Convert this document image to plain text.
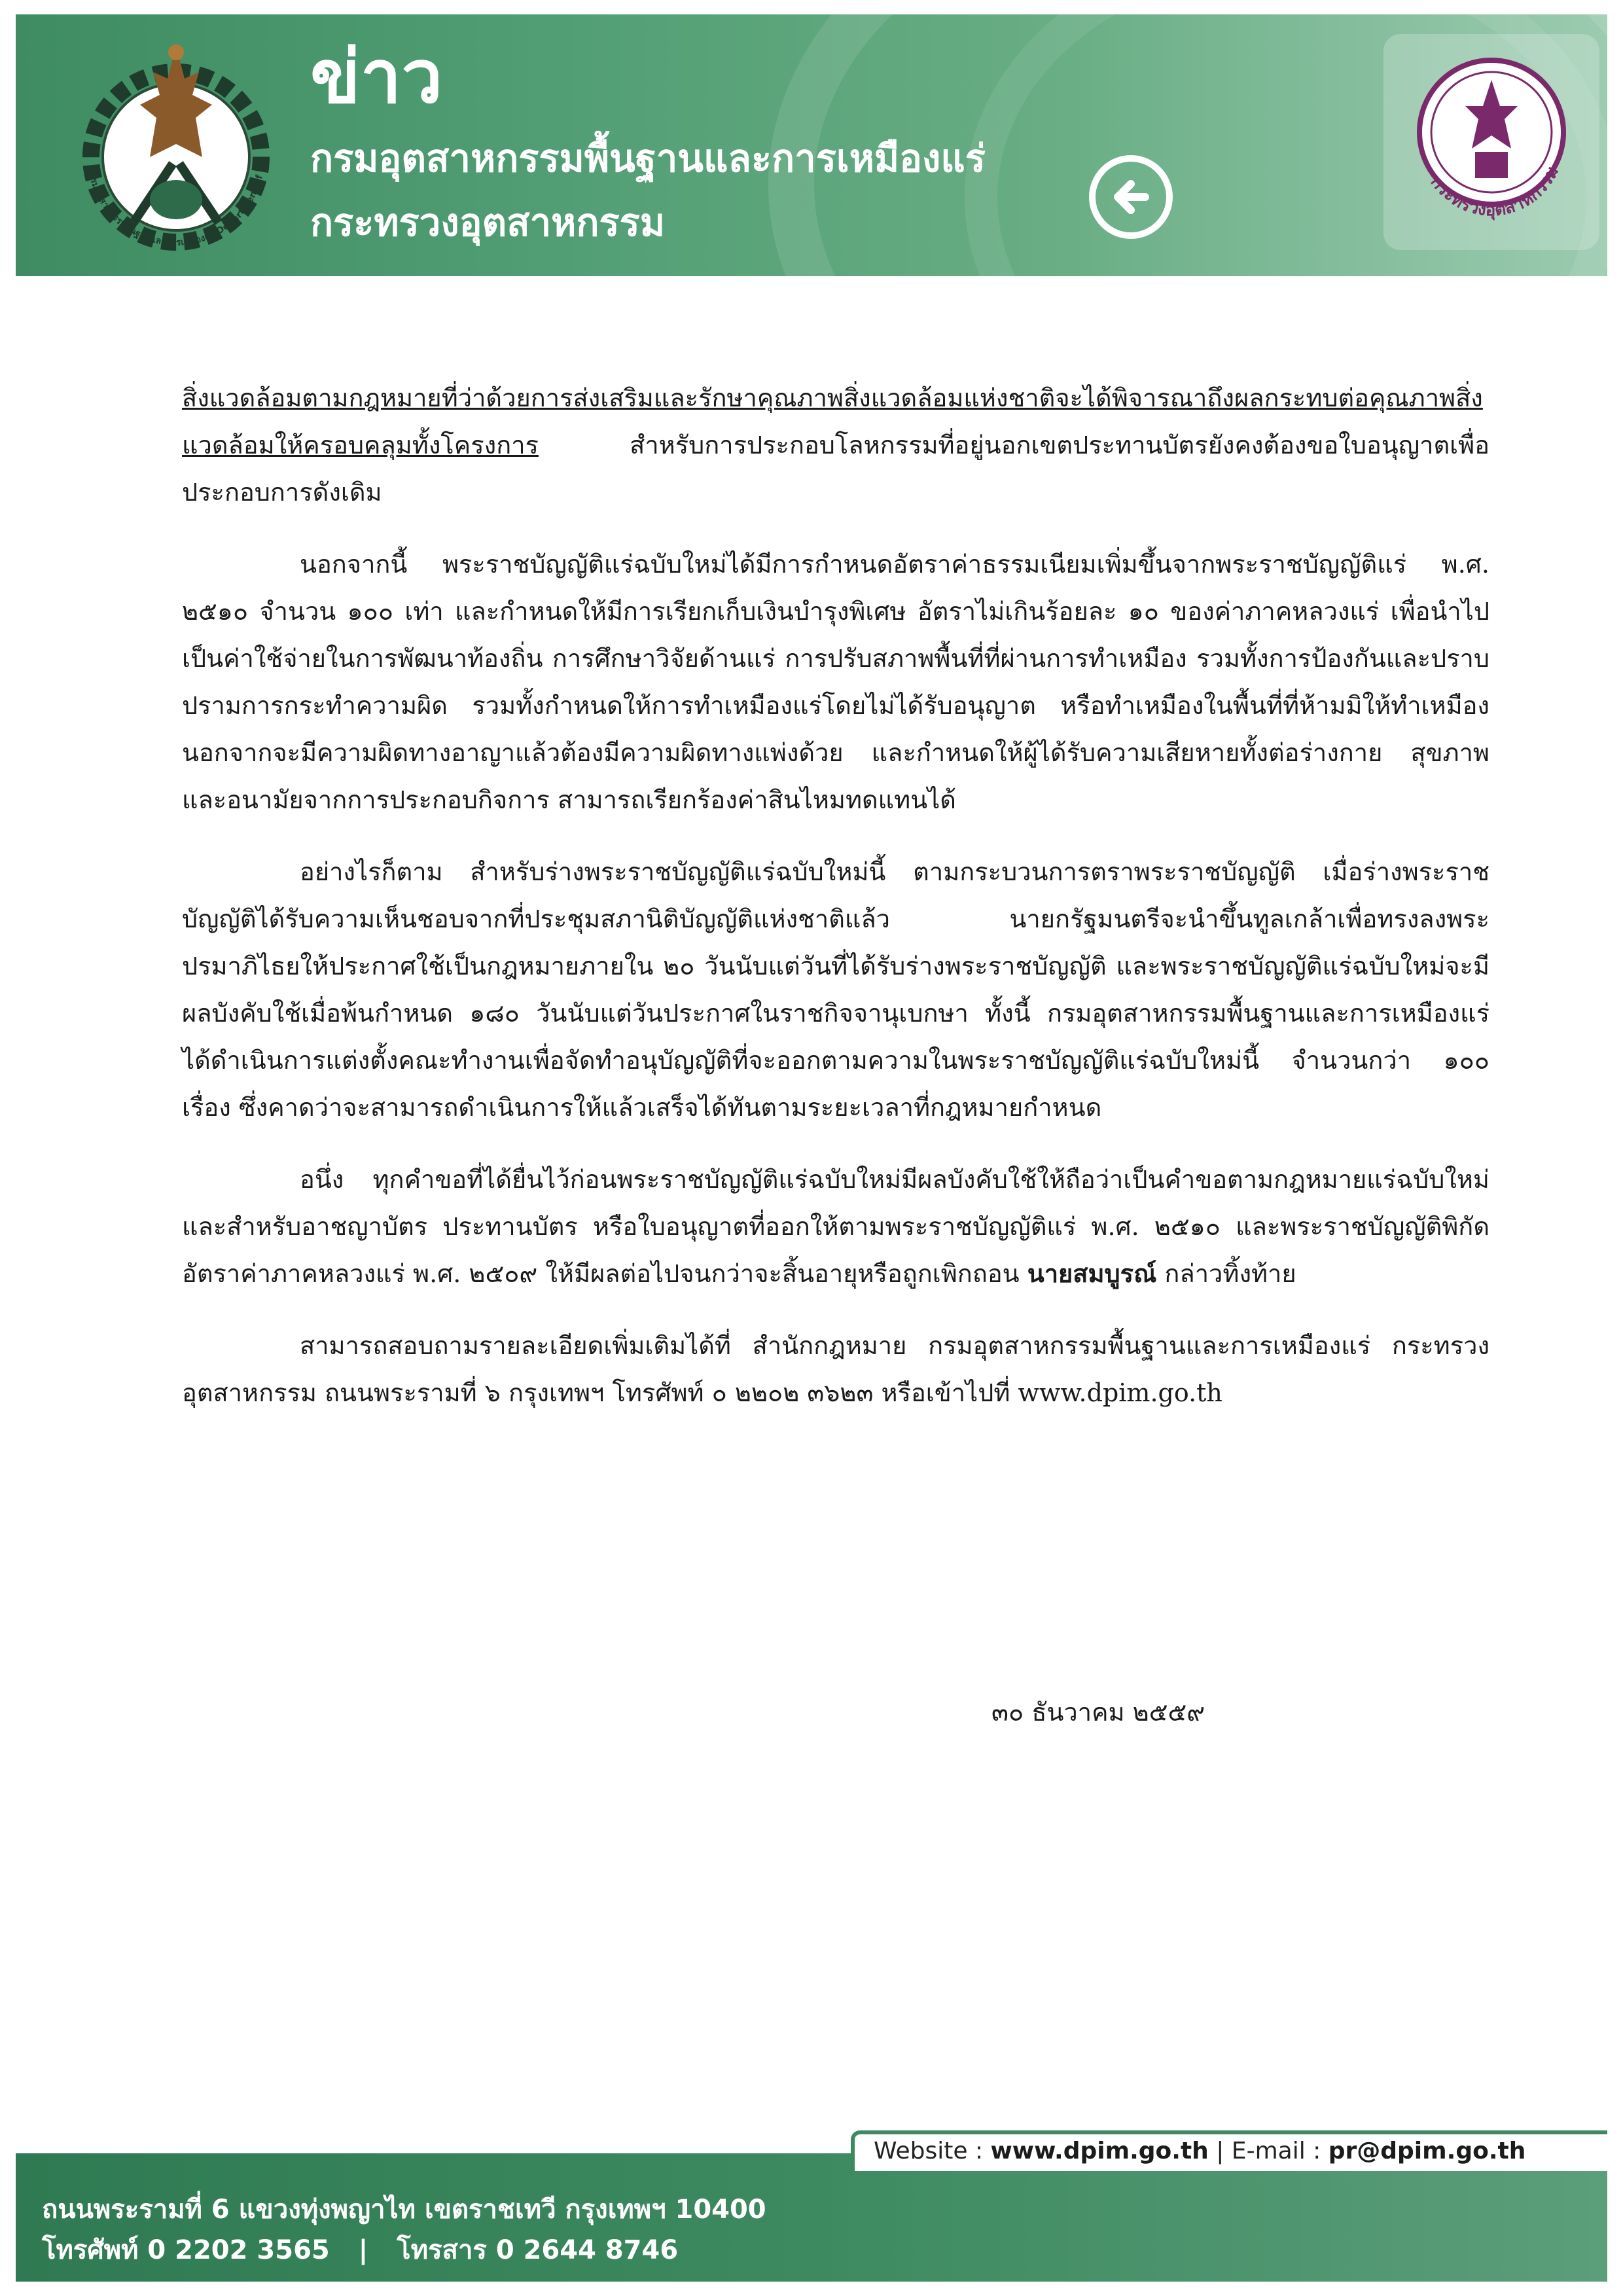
กรมอุตสาหกรรมพื้นฐานและการเหมืองแร่ Department of Pri
ข่าว
กรมอุตสาหกรรมพื้นฐานและการเหมืองแร่
กระทรวงอุตสาหกรรม
กระทรวงอุตสาหกรรม

สิ่งแวดล้อมตามกฎหมายที่ว่าด้วยการส่งเสริมและรักษาคุณภาพสิ่งแวดล้อมแห่งชาติจะได้พิจารณาถึงผลกระทบต่อคุณภาพสิ่งแวดล้อมให้ครอบคลุมทั้งโครงการ	สำหรับการประกอบโลหกรรมที่อยู่นอกเขตประทานบัตรยังคงต้องขอใบอนุญาตเพื่อประกอบการดังเดิม

นอกจากนี้ พระราชบัญญัติแร่ฉบับใหม่ได้มีการกำหนดอัตราค่าธรรมเนียมเพิ่มขึ้นจากพระราชบัญญัติแร่ พ.ศ. ๒๕๑๐ จำนวน ๑๐๐ เท่า และกำหนดให้มีการเรียกเก็บเงินบำรุงพิเศษ อัตราไม่เกินร้อยละ ๑๐ ของค่าภาคหลวงแร่ เพื่อนำไปเป็นค่าใช้จ่ายในการพัฒนาท้องถิ่น การศึกษาวิจัยด้านแร่ การปรับสภาพพื้นที่ที่ผ่านการทำเหมือง รวมทั้งการป้องกันและปราบปรามการกระทำความผิด รวมทั้งกำหนดให้การทำเหมืองแร่โดยไม่ได้รับอนุญาต หรือทำเหมืองในพื้นที่ที่ห้ามมิให้ทำเหมือง นอกจากจะมีความผิดทางอาญาแล้วต้องมีความผิดทางแพ่งด้วย และกำหนดให้ผู้ได้รับความเสียหายทั้งต่อร่างกาย สุขภาพ และอนามัยจากการประกอบกิจการ สามารถเรียกร้องค่าสินไหมทดแทนได้

อย่างไรก็ตาม สำหรับร่างพระราชบัญญัติแร่ฉบับใหม่นี้ ตามกระบวนการตราพระราชบัญญัติ เมื่อร่างพระราชบัญญัติได้รับความเห็นชอบจากที่ประชุมสภานิติบัญญัติแห่งชาติแล้ว นายกรัฐมนตรีจะนำขึ้นทูลเกล้าเพื่อทรงลงพระปรมาภิไธยให้ประกาศใช้เป็นกฎหมายภายใน ๒๐ วันนับแต่วันที่ได้รับร่างพระราชบัญญัติ และพระราชบัญญัติแร่ฉบับใหม่จะมีผลบังคับใช้เมื่อพ้นกำหนด ๑๘๐ วันนับแต่วันประกาศในราชกิจจานุเบกษา ทั้งนี้ กรมอุตสาหกรรมพื้นฐานและการเหมืองแร่ ได้ดำเนินการแต่งตั้งคณะทำงานเพื่อจัดทำอนุบัญญัติที่จะออกตามความในพระราชบัญญัติแร่ฉบับใหม่นี้ จำนวนกว่า ๑๐๐ เรื่อง ซึ่งคาดว่าจะสามารถดำเนินการให้แล้วเสร็จได้ทันตามระยะเวลาที่กฎหมายกำหนด

อนึ่ง ทุกคำขอที่ได้ยื่นไว้ก่อนพระราชบัญญัติแร่ฉบับใหม่มีผลบังคับใช้ให้ถือว่าเป็นคำขอตามกฎหมายแร่ฉบับใหม่ และสำหรับอาชญาบัตร ประทานบัตร หรือใบอนุญาตที่ออกให้ตามพระราชบัญญัติแร่ พ.ศ. ๒๕๑๐ และพระราชบัญญัติพิกัดอัตราค่าภาคหลวงแร่ พ.ศ. ๒๕๐๙ ให้มีผลต่อไปจนกว่าจะสิ้นอายุหรือถูกเพิกถอน นายสมบูรณ์ กล่าวทิ้งท้าย

สามารถสอบถามรายละเอียดเพิ่มเติมได้ที่ สำนักกฎหมาย กรมอุตสาหกรรมพื้นฐานและการเหมืองแร่ กระทรวงอุตสาหกรรม ถนนพระรามที่ ๖ กรุงเทพฯ โทรศัพท์ ๐ ๒๒๐๒ ๓๖๒๓ หรือเข้าไปที่ www.dpim.go.th

๓๐ ธันวาคม ๒๕๕๙
Website : www.dpim.go.th | E-mail : pr@dpim.go.th
ถนนพระรามที่ 6 แขวงทุ่งพญาไท เขตราชเทวี กรุงเทพฯ 10400
โทรศัพท์ 0 2202 3565 | โทรสาร 0 2644 8746
